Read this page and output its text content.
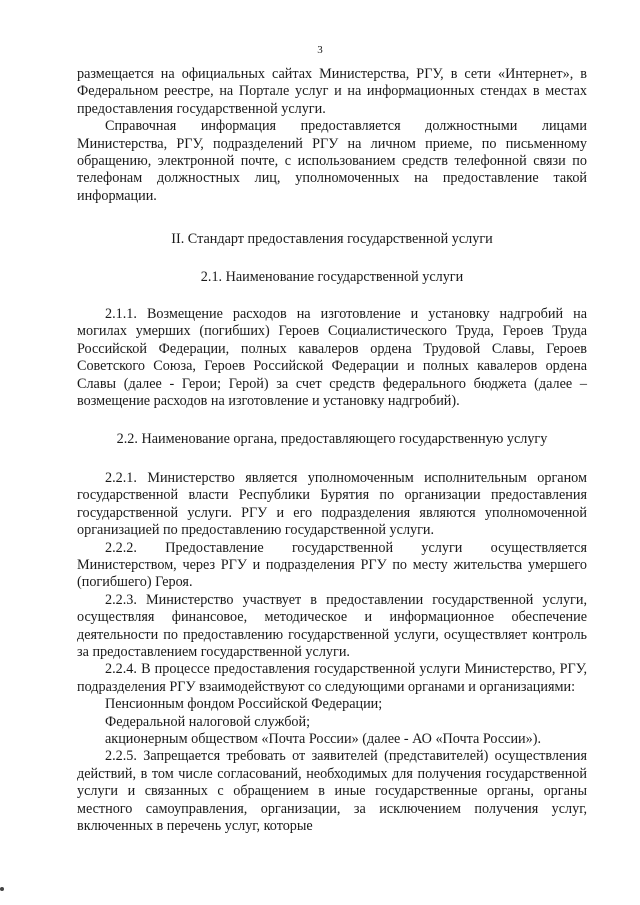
3

размещается на официальных сайтах Министерства, РГУ, в сети «Интернет», в Федеральном реестре, на Портале услуг и на информационных стендах в местах предоставления государственной услуги.

Справочная информация предоставляется должностными лицами Министерства, РГУ, подразделений РГУ на личном приеме, по письменному обращению, электронной почте, с использованием средств телефонной связи по телефонам должностных лиц, уполномоченных на предоставление такой информации.

II. Стандарт предоставления государственной услуги

2.1. Наименование государственной услуги

2.1.1. Возмещение расходов на изготовление и установку надгробий на могилах умерших (погибших) Героев Социалистического Труда, Героев Труда Российской Федерации, полных кавалеров ордена Трудовой Славы, Героев Советского Союза, Героев Российской Федерации и полных кавалеров ордена Славы (далее - Герои; Герой) за счет средств федерального бюджета (далее – возмещение расходов на изготовление и установку надгробий).

2.2. Наименование органа, предоставляющего государственную услугу

2.2.1. Министерство является уполномоченным исполнительным органом государственной власти Республики Бурятия по организации предоставления государственной услуги. РГУ и его подразделения являются уполномоченной организацией по предоставлению государственной услуги.

2.2.2. Предоставление государственной услуги осуществляется Министерством, через РГУ и подразделения РГУ по месту жительства умершего (погибшего) Героя.

2.2.3. Министерство участвует в предоставлении государственной услуги, осуществляя финансовое, методическое и информационное обеспечение деятельности по предоставлению государственной услуги, осуществляет контроль за предоставлением государственной услуги.

2.2.4. В процессе предоставления государственной услуги Министерство, РГУ, подразделения РГУ взаимодействуют со следующими органами и организациями:

Пенсионным фондом Российской Федерации;

Федеральной налоговой службой;

акционерным обществом «Почта России» (далее - АО «Почта России»).

2.2.5. Запрещается требовать от заявителей (представителей) осуществления действий, в том числе согласований, необходимых для получения государственной услуги и связанных с обращением в иные государственные органы, органы местного самоуправления, организации, за исключением получения услуг, включенных в перечень услуг, которые
